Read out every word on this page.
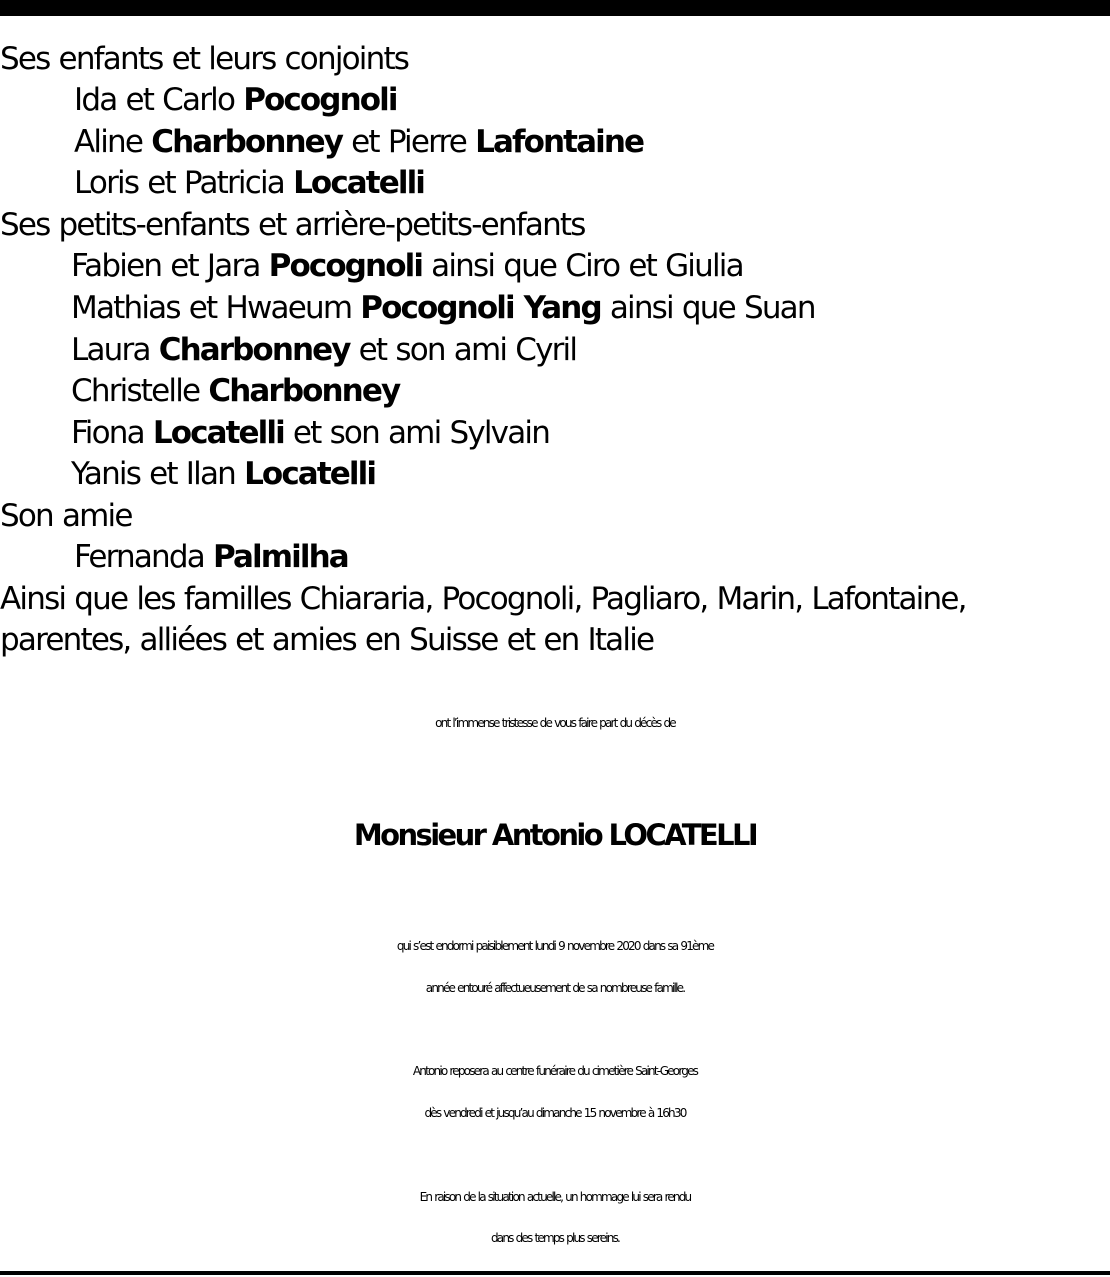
Ses enfants et leurs conjoints
Ida et Carlo Pocognoli
Aline Charbonney et Pierre Lafontaine
Loris et Patricia Locatelli
Ses petits-enfants et arrière-petits-enfants
Fabien et Jara Pocognoli ainsi que Ciro et Giulia
Mathias et Hwaeum Pocognoli Yang ainsi que Suan
Laura Charbonney et son ami Cyril
Christelle Charbonney
Fiona Locatelli et son ami Sylvain
Yanis et Ilan Locatelli
Son amie
Fernanda Palmilha
Ainsi que les familles Chiararia, Pocognoli, Pagliaro, Marin, Lafontaine,
parentes, alliées et amies en Suisse et en Italie
ont l’immense tristesse de vous faire part du décès de
Monsieur Antonio LOCATELLI
qui s’est endormi paisiblement lundi 9 novembre 2020 dans sa 91ème
année entouré affectueusement de sa nombreuse famille.
Antonio reposera au centre funéraire du cimetière Saint-Georges
dès vendredi et jusqu’au dimanche 15 novembre à 16h30
En raison de la situation actuelle, un hommage lui sera rendu
dans des temps plus sereins.
